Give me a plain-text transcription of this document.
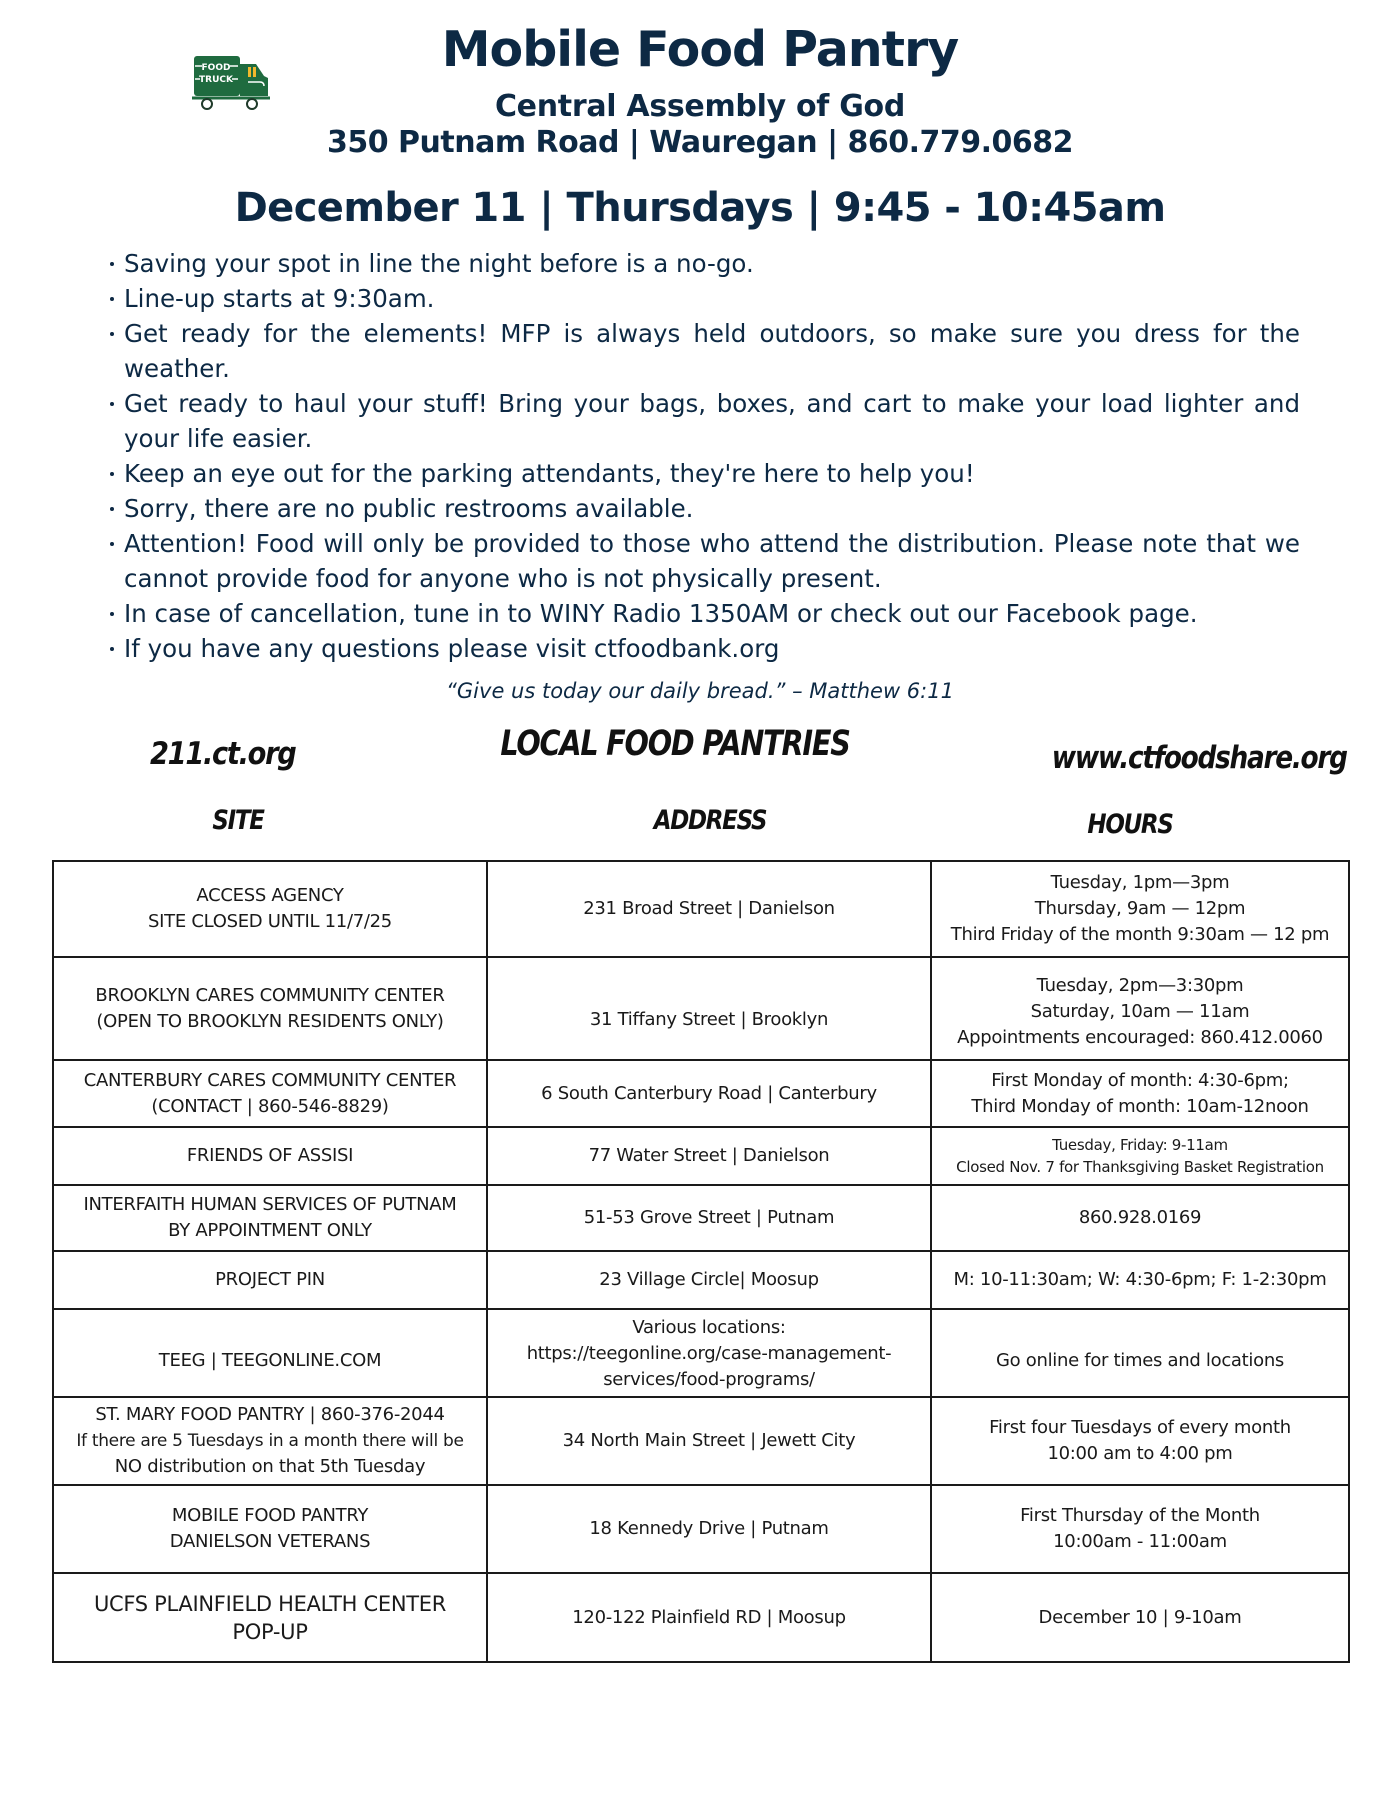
FOOD
TRUCK
Mobile Food Pantry
Central Assembly of God
350 Putnam Road | Wauregan | 860.779.0682
December 11 | Thursdays | 9:45 - 10:45am
Saving your spot in line the night before is a no-go.
Line-up starts at 9:30am.
Get ready for the elements! MFP is always held outdoors, so make sure you dress for the weather.
Get ready to haul your stuff! Bring your bags, boxes, and cart to make your load lighter and your life easier.
Keep an eye out for the parking attendants, they're here to help you!
Sorry, there are no public restrooms available.
Attention! Food will only be provided to those who attend the distribution. Please note that we cannot provide food for anyone who is not physically present.
In case of cancellation, tune in to WINY Radio 1350AM or check out our Facebook page.
If you have any questions please visit ctfoodbank.org
“Give us today our daily bread.” – Matthew 6:11
211.ct.org	LOCAL FOOD PANTRIES	www.ctfoodshare.org
SITE	ADDRESS	HOURS
ACCESS AGENCY
SITE CLOSED UNTIL 11/7/25	231 Broad Street | Danielson	Tuesday, 1pm—3pm
Thursday, 9am — 12pm
Third Friday of the month 9:30am — 12 pm

BROOKLYN CARES COMMUNITY CENTER
(OPEN TO BROOKLYN RESIDENTS ONLY)	31 Tiffany Street | Brooklyn	Tuesday, 2pm—3:30pm
Saturday, 10am — 11am
Appointments encouraged: 860.412.0060

CANTERBURY CARES COMMUNITY CENTER
(CONTACT | 860-546-8829)	6 South Canterbury Road | Canterbury	First Monday of month: 4:30-6pm;
Third Monday of month: 10am-12noon

FRIENDS OF ASSISI	77 Water Street | Danielson	Tuesday, Friday: 9-11am
Closed Nov. 7 for Thanksgiving Basket Registration

INTERFAITH HUMAN SERVICES OF PUTNAM
BY APPOINTMENT ONLY	51-53 Grove Street | Putnam	860.928.0169

PROJECT PIN	23 Village Circle| Moosup	M: 10-11:30am; W: 4:30-6pm; F: 1-2:30pm

TEEG | TEEGONLINE.COM	Various locations:
https://teegonline.org/case-management-
services/food-programs/	Go online for times and locations

ST. MARY FOOD PANTRY | 860-376-2044
If there are 5 Tuesdays in a month there will be
NO distribution on that 5th Tuesday	34 North Main Street | Jewett City	First four Tuesdays of every month
10:00 am to 4:00 pm

MOBILE FOOD PANTRY
DANIELSON VETERANS	18 Kennedy Drive | Putnam	First Thursday of the Month
10:00am - 11:00am

UCFS PLAINFIELD HEALTH CENTER
POP-UP	120-122 Plainfield RD | Moosup	December 10 | 9-10am
